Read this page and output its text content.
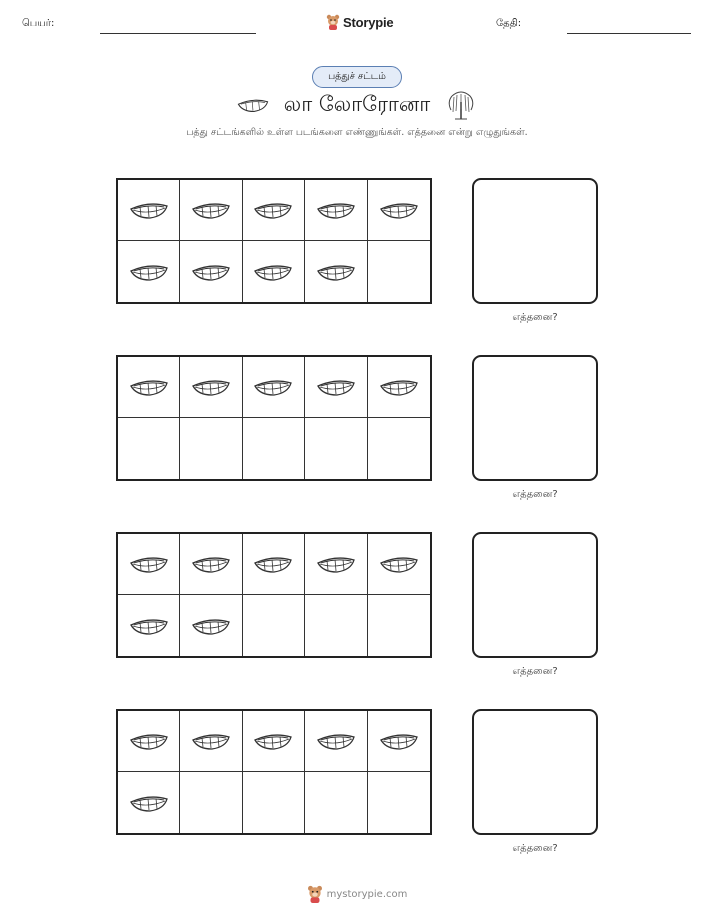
பெயர்:	Storypie	தேதி:
பத்துச் சட்டம்
லா லோரோனா
பத்து சட்டங்களில் உள்ள படங்களை எண்ணுங்கள். எத்தனை என்று எழுதுங்கள்.
எத்தனை?
எத்தனை?
எத்தனை?
எத்தனை?
mystorypie.com
